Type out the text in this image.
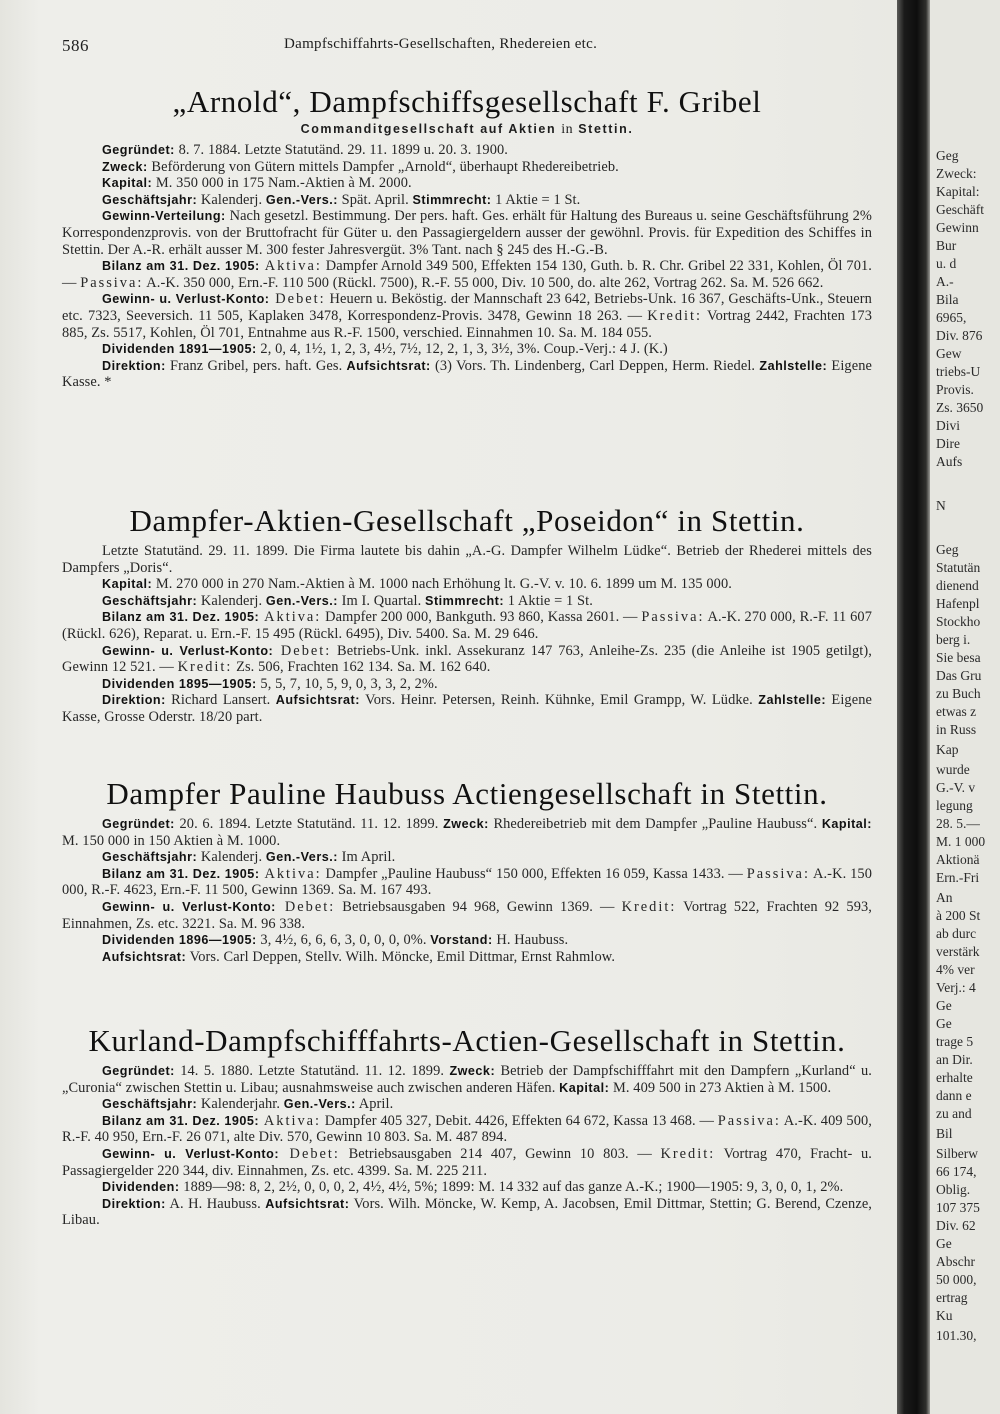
586	Dampfschiffahrts-Gesellschaften, Rhedereien etc.
„Arnold“, Dampfschiffsgesellschaft F. Gribel
Commanditgesellschaft auf Aktien in Stettin.

Gegründet: 8. 7. 1884. Letzte Statutänd. 29. 11. 1899 u. 20. 3. 1900.

Zweck: Beförderung von Gütern mittels Dampfer „Arnold“, überhaupt Rhedereibetrieb.

Kapital: M. 350 000 in 175 Nam.-Aktien à M. 2000.

Geschäftsjahr: Kalenderj. Gen.-Vers.: Spät. April. Stimmrecht: 1 Aktie = 1 St.

Gewinn-Verteilung: Nach gesetzl. Bestimmung. Der pers. haft. Ges. erhält für Haltung des Bureaus u. seine Geschäftsführung 2% Korrespondenzprovis. von der Bruttofracht für Güter u. den Passagiergeldern ausser der gewöhnl. Provis. für Expedition des Schiffes in Stettin. Der A.-R. erhält ausser M. 300 fester Jahresvergüt. 3% Tant. nach § 245 des H.-G.-B.

Bilanz am 31. Dez. 1905: Aktiva: Dampfer Arnold 349 500, Effekten 154 130, Guth. b. R. Chr. Gribel 22 331, Kohlen, Öl 701. — Passiva: A.-K. 350 000, Ern.-F. 110 500 (Rückl. 7500), R.-F. 55 000, Div. 10 500, do. alte 262, Vortrag 262. Sa. M. 526 662.

Gewinn- u. Verlust-Konto: Debet: Heuern u. Beköstig. der Mannschaft 23 642, Betriebs-Unk. 16 367, Geschäfts-Unk., Steuern etc. 7323, Seeversich. 11 505, Kaplaken 3478, Korrespondenz-Provis. 3478, Gewinn 18 263. — Kredit: Vortrag 2442, Frachten 173 885, Zs. 5517, Kohlen, Öl 701, Entnahme aus R.-F. 1500, verschied. Einnahmen 10. Sa. M. 184 055.

Dividenden 1891—1905: 2, 0, 4, 1½, 1, 2, 3, 4½, 7½, 12, 2, 1, 3, 3½, 3%. Coup.-Verj.: 4 J. (K.)

Direktion: Franz Gribel, pers. haft. Ges. Aufsichtsrat: (3) Vors. Th. Lindenberg, Carl Deppen, Herm. Riedel. Zahlstelle: Eigene Kasse. *

Dampfer-Aktien-Gesellschaft „Poseidon“ in Stettin.

Letzte Statutänd. 29. 11. 1899. Die Firma lautete bis dahin „A.-G. Dampfer Wilhelm Lüdke“. Betrieb der Rhederei mittels des Dampfers „Doris“.

Kapital: M. 270 000 in 270 Nam.-Aktien à M. 1000 nach Erhöhung lt. G.-V. v. 10. 6. 1899 um M. 135 000.

Geschäftsjahr: Kalenderj. Gen.-Vers.: Im I. Quartal. Stimmrecht: 1 Aktie = 1 St.

Bilanz am 31. Dez. 1905: Aktiva: Dampfer 200 000, Bankguth. 93 860, Kassa 2601. — Passiva: A.-K. 270 000, R.-F. 11 607 (Rückl. 626), Reparat. u. Ern.-F. 15 495 (Rückl. 6495), Div. 5400. Sa. M. 29 646.

Gewinn- u. Verlust-Konto: Debet: Betriebs-Unk. inkl. Assekuranz 147 763, Anleihe-Zs. 235 (die Anleihe ist 1905 getilgt), Gewinn 12 521. — Kredit: Zs. 506, Frachten 162 134. Sa. M. 162 640.

Dividenden 1895—1905: 5, 5, 7, 10, 5, 9, 0, 3, 3, 2, 2%.

Direktion: Richard Lansert. Aufsichtsrat: Vors. Heinr. Petersen, Reinh. Kühnke, Emil Grampp, W. Lüdke. Zahlstelle: Eigene Kasse, Grosse Oderstr. 18/20 part.

Dampfer Pauline Haubuss Actiengesellschaft in Stettin.

Gegründet: 20. 6. 1894. Letzte Statutänd. 11. 12. 1899. Zweck: Rhedereibetrieb mit dem Dampfer „Pauline Haubuss“. Kapital: M. 150 000 in 150 Aktien à M. 1000.

Geschäftsjahr: Kalenderj. Gen.-Vers.: Im April.

Bilanz am 31. Dez. 1905: Aktiva: Dampfer „Pauline Haubuss“ 150 000, Effekten 16 059, Kassa 1433. — Passiva: A.-K. 150 000, R.-F. 4623, Ern.-F. 11 500, Gewinn 1369. Sa. M. 167 493.

Gewinn- u. Verlust-Konto: Debet: Betriebsausgaben 94 968, Gewinn 1369. — Kredit: Vortrag 522, Frachten 92 593, Einnahmen, Zs. etc. 3221. Sa. M. 96 338.

Dividenden 1896—1905: 3, 4½, 6, 6, 6, 3, 0, 0, 0, 0%. Vorstand: H. Haubuss.

Aufsichtsrat: Vors. Carl Deppen, Stellv. Wilh. Möncke, Emil Dittmar, Ernst Rahmlow.

Kurland-Dampfschifffahrts-Actien-Gesellschaft in Stettin.

Gegründet: 14. 5. 1880. Letzte Statutänd. 11. 12. 1899. Zweck: Betrieb der Dampfschifffahrt mit den Dampfern „Kurland“ u. „Curonia“ zwischen Stettin u. Libau; ausnahmsweise auch zwischen anderen Häfen. Kapital: M. 409 500 in 273 Aktien à M. 1500.

Geschäftsjahr: Kalenderjahr. Gen.-Vers.: April.

Bilanz am 31. Dez. 1905: Aktiva: Dampfer 405 327, Debit. 4426, Effekten 64 672, Kassa 13 468. — Passiva: A.-K. 409 500, R.-F. 40 950, Ern.-F. 26 071, alte Div. 570, Gewinn 10 803. Sa. M. 487 894.

Gewinn- u. Verlust-Konto: Debet: Betriebsausgaben 214 407, Gewinn 10 803. — Kredit: Vortrag 470, Fracht- u. Passagiergelder 220 344, div. Einnahmen, Zs. etc. 4399. Sa. M. 225 211.

Dividenden: 1889—98: 8, 2, 2½, 0, 0, 0, 2, 4½, 4½, 5%; 1899: M. 14 332 auf das ganze A.-K.; 1900—1905: 9, 3, 0, 0, 1, 2%.

Direktion: A. H. Haubuss. Aufsichtsrat: Vors. Wilh. Möncke, W. Kemp, A. Jacobsen, Emil Dittmar, Stettin; G. Berend, Czenze, Libau.

Geg
Zweck:
Kapital:
Geschäft
Gewinn
Bur
u. d
A.-
Bila
6965,
Div. 876
Gew
triebs-U
Provis.
Zs. 3650
Divi
Dire
Aufs
N
Geg
Statutän
dienend
Hafenpl
Stockho
berg i.
Sie besa
Das Gru
zu Buch
etwas z
in Russ
Kap
wurde
G.-V. v
legung
28. 5.—
M. 1 000
Aktionä
Ern.-Fri
An
à 200 St
ab durc
verstärk
4% ver
Verj.: 4
Ge
Ge
trage 5
an Dir.
erhalte
dann e
zu and
Bil
Silberw
66 174,
Oblig.
107 375
Div. 62
Ge
Abschr
50 000,
ertrag
Ku
101.30,
